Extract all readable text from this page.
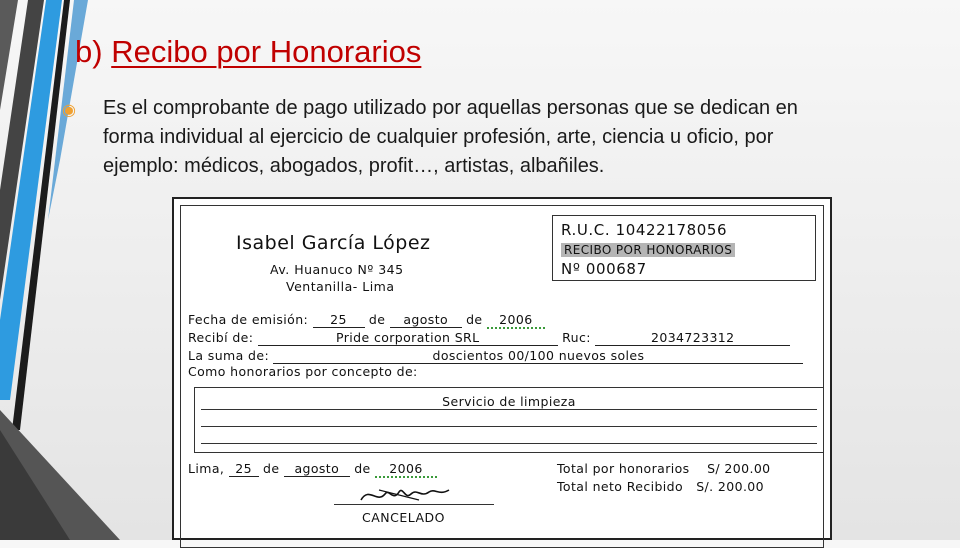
b) Recibo por Honorarios
◉ Es el comprobante de pago utilizado por aquellas personas que se dedican en forma individual al ejercicio de cualquier profesión, arte, ciencia u oficio, por ejemplo: médicos, abogados, profit…, artistas, albañiles.

Isabel García López
Av. Huanuco Nº 345
Ventanilla- Lima
R.U.C. 10422178056
RECIBO POR HONORARIOS
Nº 000687
Fecha de emisión: 25 de agosto de 2006
Recibí de:	Pride corporation SRL	Ruc:	2034723312
La suma de:	doscientos 00/100 nuevos soles
Como honorarios por concepto de:
Servicio de limpieza
Lima, 25 de agosto de 2006	Total por honorarios S/ 200.00
Total neto Recibido S/. 200.00
CANCELADO
